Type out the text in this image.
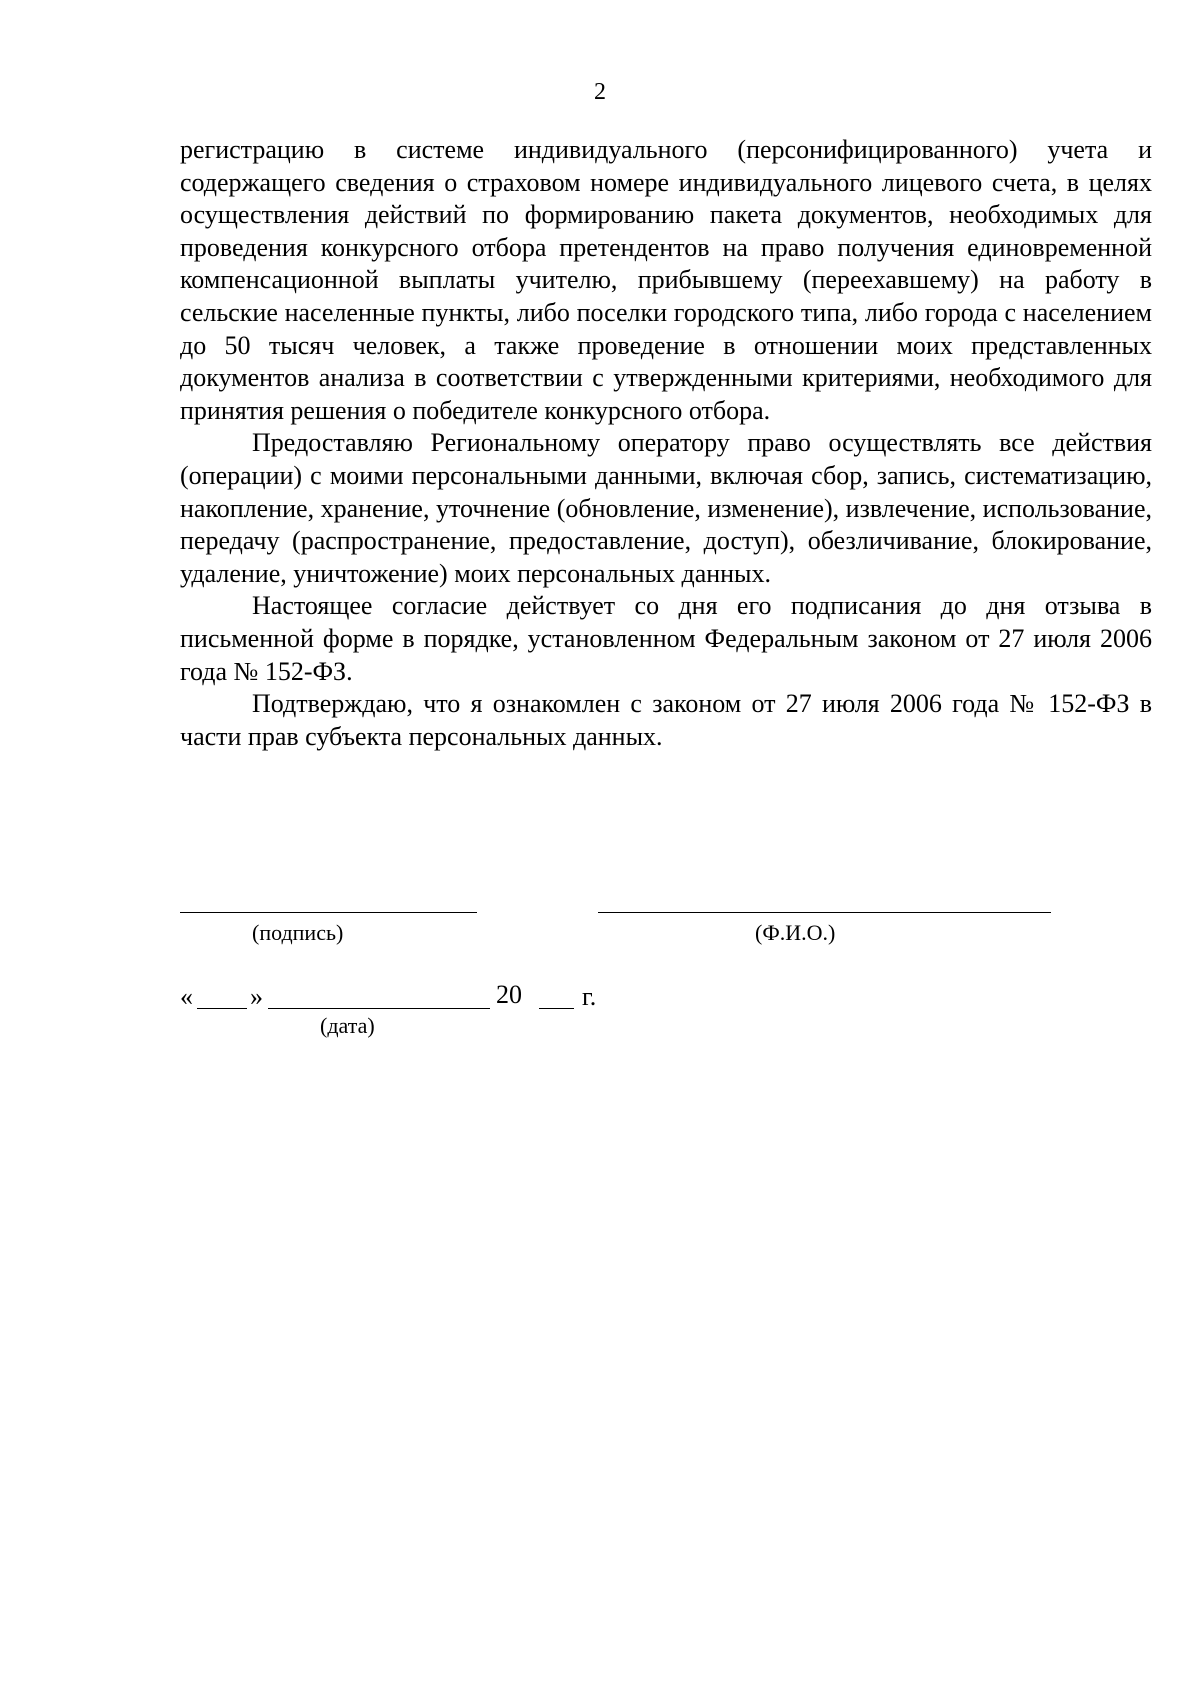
2

регистрацию в системе индивидуального (персонифицированного) учета и содержащего сведения о страховом номере индивидуального лицевого счета, в целях осуществления действий по формированию пакета документов, необходимых для проведения конкурсного отбора претендентов на право получения единовременной компенсационной выплаты учителю, прибывшему (переехавшему) на работу в сельские населенные пункты, либо поселки городского типа, либо города с населением до 50 тысяч человек, а также проведение в отношении моих представленных документов анализа в соответствии с утвержденными критериями, необходимого для принятия решения о победителе конкурсного отбора.

Предоставляю Региональному оператору право осуществлять все действия (операции) с моими персональными данными, включая сбор, запись, систематизацию, накопление, хранение, уточнение (обновление, изменение), извлечение, использование, передачу (распространение, предоставление, доступ), обезличивание, блокирование, удаление, уничтожение) моих персональных данных.

Настоящее согласие действует со дня его подписания до дня отзыва в письменной форме в порядке, установленном Федеральным законом от 27 июля 2006 года № 152-ФЗ.

Подтверждаю, что я ознакомлен с законом от 27 июля 2006 года № 152-ФЗ в части прав субъекта персональных данных.

(подпись)	(Ф.И.О.)
« »	20 г.
(дата)
